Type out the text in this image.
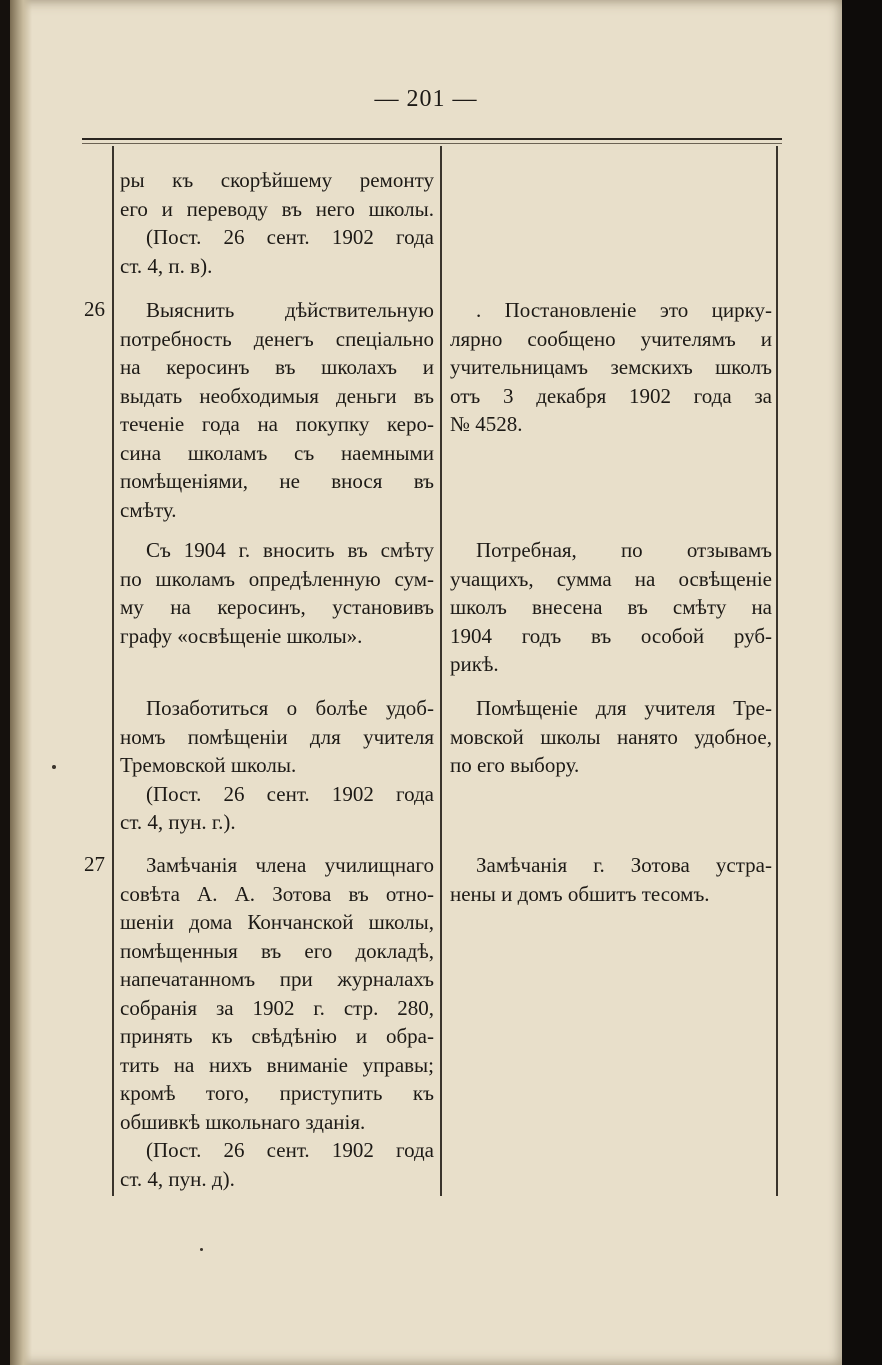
— 201 —
ры къ скорѣйшему ремонту
его и переводу въ него школы.
(Пост. 26 сент. 1902 года
ст. 4, п. в).
26	Выяснить дѣйствительную
потребность денегъ спеціально
на керосинъ въ школахъ и
выдать необходимыя деньги въ
теченіе года на покупку керо-
сина школамъ съ наемными
помѣщеніями, не внося въ
смѣту.
. Постановленіе это цирку-
лярно сообщено учителямъ и
учительницамъ земскихъ школъ
отъ 3 декабря 1902 года за
№ 4528.
Съ 1904 г. вносить въ смѣту
по школамъ опредѣленную сум-
му на керосинъ, установивъ
графу «освѣщеніе школы».
Потребная, по отзывамъ
учащихъ, сумма на освѣщеніе
школъ внесена въ смѣту на
1904 годъ въ особой руб-
рикѣ.
Позаботиться о болѣе удоб-
номъ помѣщеніи для учителя
Тремовской школы.
(Пост. 26 сент. 1902 года
ст. 4, пун. г.).
Помѣщеніе для учителя Тре-
мовской школы нанято удобное,
по его выбору.
27	Замѣчанія члена училищнаго
совѣта А. А. Зотова въ отно-
шеніи дома Кончанской школы,
помѣщенныя въ его докладѣ,
напечатанномъ при журналахъ
собранія за 1902 г. стр. 280,
принять къ свѣдѣнію и обра-
тить на нихъ вниманіе управы;
кромѣ того, приступить къ
обшивкѣ школьнаго зданія.
(Пост. 26 сент. 1902 года
ст. 4, пун. д).
Замѣчанія г. Зотова устра-
нены и домъ обшитъ тесомъ.
